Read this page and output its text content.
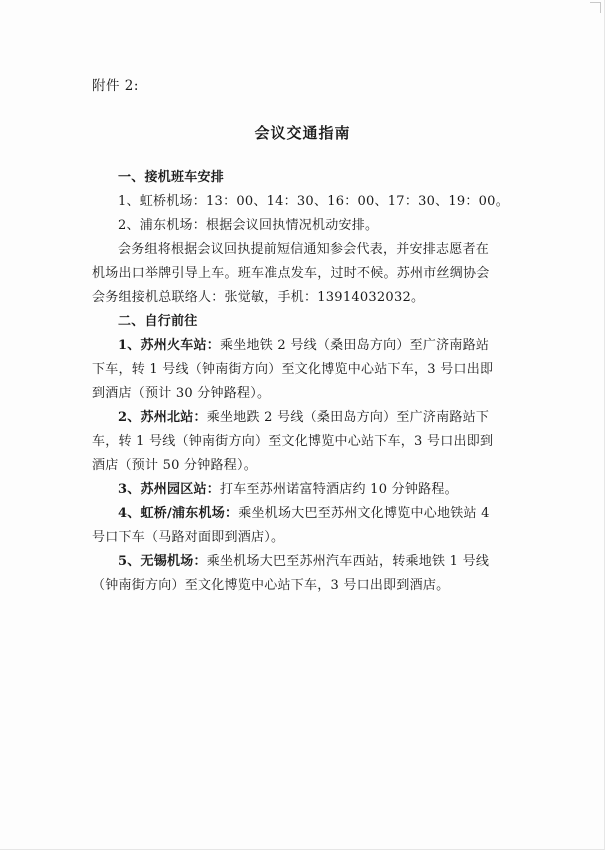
附件 2:
会议交通指南
一、接机班车安排
1、虹桥机场：13：00、14：30、16：00、17：30、19：00。
2、浦东机场：根据会议回执情况机动安排。
会务组将根据会议回执提前短信通知参会代表，并安排志愿者在
机场出口举牌引导上车。班车准点发车，过时不候。苏州市丝绸协会
会务组接机总联络人：张觉敏，手机：13914032032。
二、自行前往
1、苏州火车站：乘坐地铁 2 号线（桑田岛方向）至广济南路站
下车，转 1 号线（钟南街方向）至文化博览中心站下车，3 号口出即
到酒店（预计 30 分钟路程）。
2、苏州北站：乘坐地跌 2 号线（桑田岛方向）至广济南路站下
车，转 1 号线（钟南街方向）至文化博览中心站下车，3 号口出即到
酒店（预计 50 分钟路程）。
3、苏州园区站：打车至苏州诺富特酒店约 10 分钟路程。
4、虹桥/浦东机场：乘坐机场大巴至苏州文化博览中心地铁站 4
号口下车（马路对面即到酒店）。
5、无锡机场：乘坐机场大巴至苏州汽车西站，转乘地铁 1 号线
（钟南街方向）至文化博览中心站下车，3 号口出即到酒店。
